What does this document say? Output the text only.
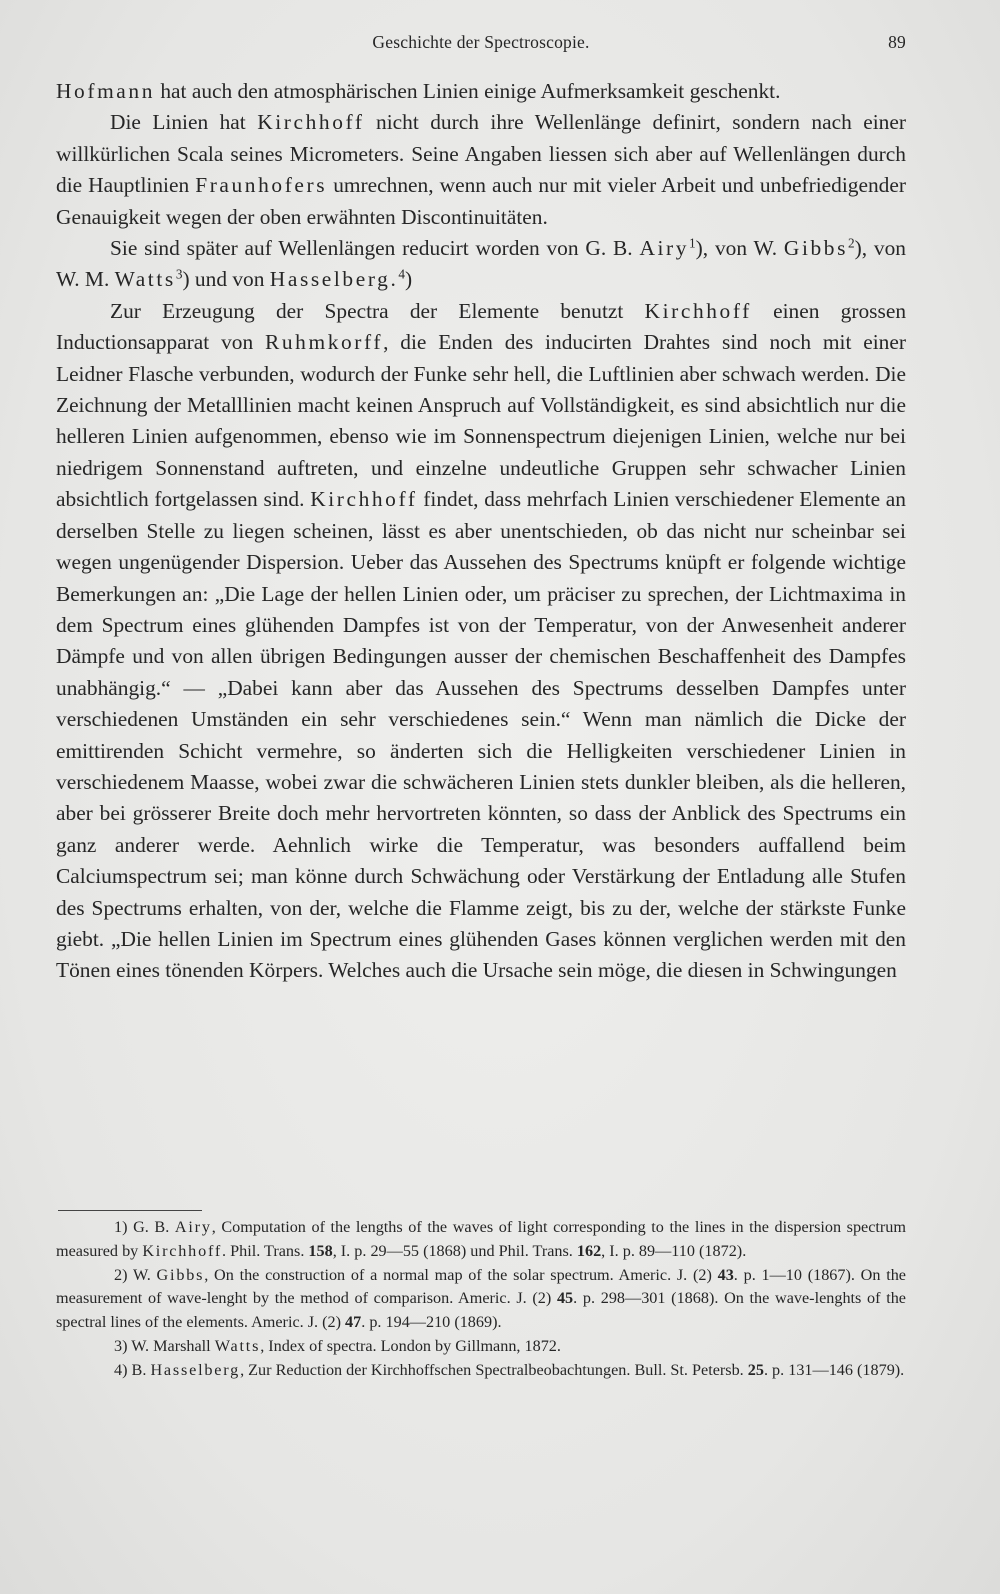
Geschichte der Spectroscopie.	89

Hofmann hat auch den atmosphärischen Linien einige Aufmerksamkeit geschenkt.

Die Linien hat Kirchhoff nicht durch ihre Wellenlänge definirt, sondern nach einer willkürlichen Scala seines Micrometers. Seine Angaben liessen sich aber auf Wellenlängen durch die Hauptlinien Fraunhofers umrechnen, wenn auch nur mit vieler Arbeit und unbefriedigender Genauigkeit wegen der oben erwähnten Discontinuitäten.

Sie sind später auf Wellenlängen reducirt worden von G. B. Airy$^1$), von W. Gibbs$^2$), von W. M. Watts$^3$) und von Hasselberg.$^4$)

Zur Erzeugung der Spectra der Elemente benutzt Kirchhoff einen grossen Inductionsapparat von Ruhmkorff, die Enden des inducirten Drahtes sind noch mit einer Leidner Flasche verbunden, wodurch der Funke sehr hell, die Luftlinien aber schwach werden. Die Zeichnung der Metalllinien macht keinen Anspruch auf Vollständigkeit, es sind absichtlich nur die helleren Linien aufgenommen, ebenso wie im Sonnenspectrum diejenigen Linien, welche nur bei niedrigem Sonnenstand auftreten, und einzelne undeutliche Gruppen sehr schwacher Linien absichtlich fortgelassen sind. Kirchhoff findet, dass mehrfach Linien verschiedener Elemente an derselben Stelle zu liegen scheinen, lässt es aber unentschieden, ob das nicht nur scheinbar sei wegen ungenügender Dispersion. Ueber das Aussehen des Spectrums knüpft er folgende wichtige Bemerkungen an: „Die Lage der hellen Linien oder, um präciser zu sprechen, der Lichtmaxima in dem Spectrum eines glühenden Dampfes ist von der Temperatur, von der Anwesenheit anderer Dämpfe und von allen übrigen Bedingungen ausser der chemischen Beschaffenheit des Dampfes unabhängig.“ — „Dabei kann aber das Aussehen des Spectrums desselben Dampfes unter verschiedenen Umständen ein sehr verschiedenes sein.“ Wenn man nämlich die Dicke der emittirenden Schicht vermehre, so änderten sich die Helligkeiten verschiedener Linien in verschiedenem Maasse, wobei zwar die schwächeren Linien stets dunkler bleiben, als die helleren, aber bei grösserer Breite doch mehr hervortreten könnten, so dass der Anblick des Spectrums ein ganz anderer werde. Aehnlich wirke die Temperatur, was besonders auffallend beim Calciumspectrum sei; man könne durch Schwächung oder Verstärkung der Entladung alle Stufen des Spectrums erhalten, von der, welche die Flamme zeigt, bis zu der, welche der stärkste Funke giebt. „Die hellen Linien im Spectrum eines glühenden Gases können verglichen werden mit den Tönen eines tönenden Körpers. Welches auch die Ursache sein möge, die diesen in Schwingungen

1) G. B. Airy, Computation of the lengths of the waves of light corresponding to the lines in the dispersion spectrum measured by Kirchhoff. Phil. Trans. 158, I. p. 29—55 (1868) und Phil. Trans. 162, I. p. 89—110 (1872).

2) W. Gibbs, On the construction of a normal map of the solar spectrum. Americ. J. (2) 43. p. 1—10 (1867). On the measurement of wave-lenght by the method of comparison. Americ. J. (2) 45. p. 298—301 (1868). On the wave-lenghts of the spectral lines of the elements. Americ. J. (2) 47. p. 194—210 (1869).

3) W. Marshall Watts, Index of spectra. London by Gillmann, 1872.

4) B. Hasselberg, Zur Reduction der Kirchhoffschen Spectralbeobachtungen. Bull. St. Petersb. 25. p. 131—146 (1879).
